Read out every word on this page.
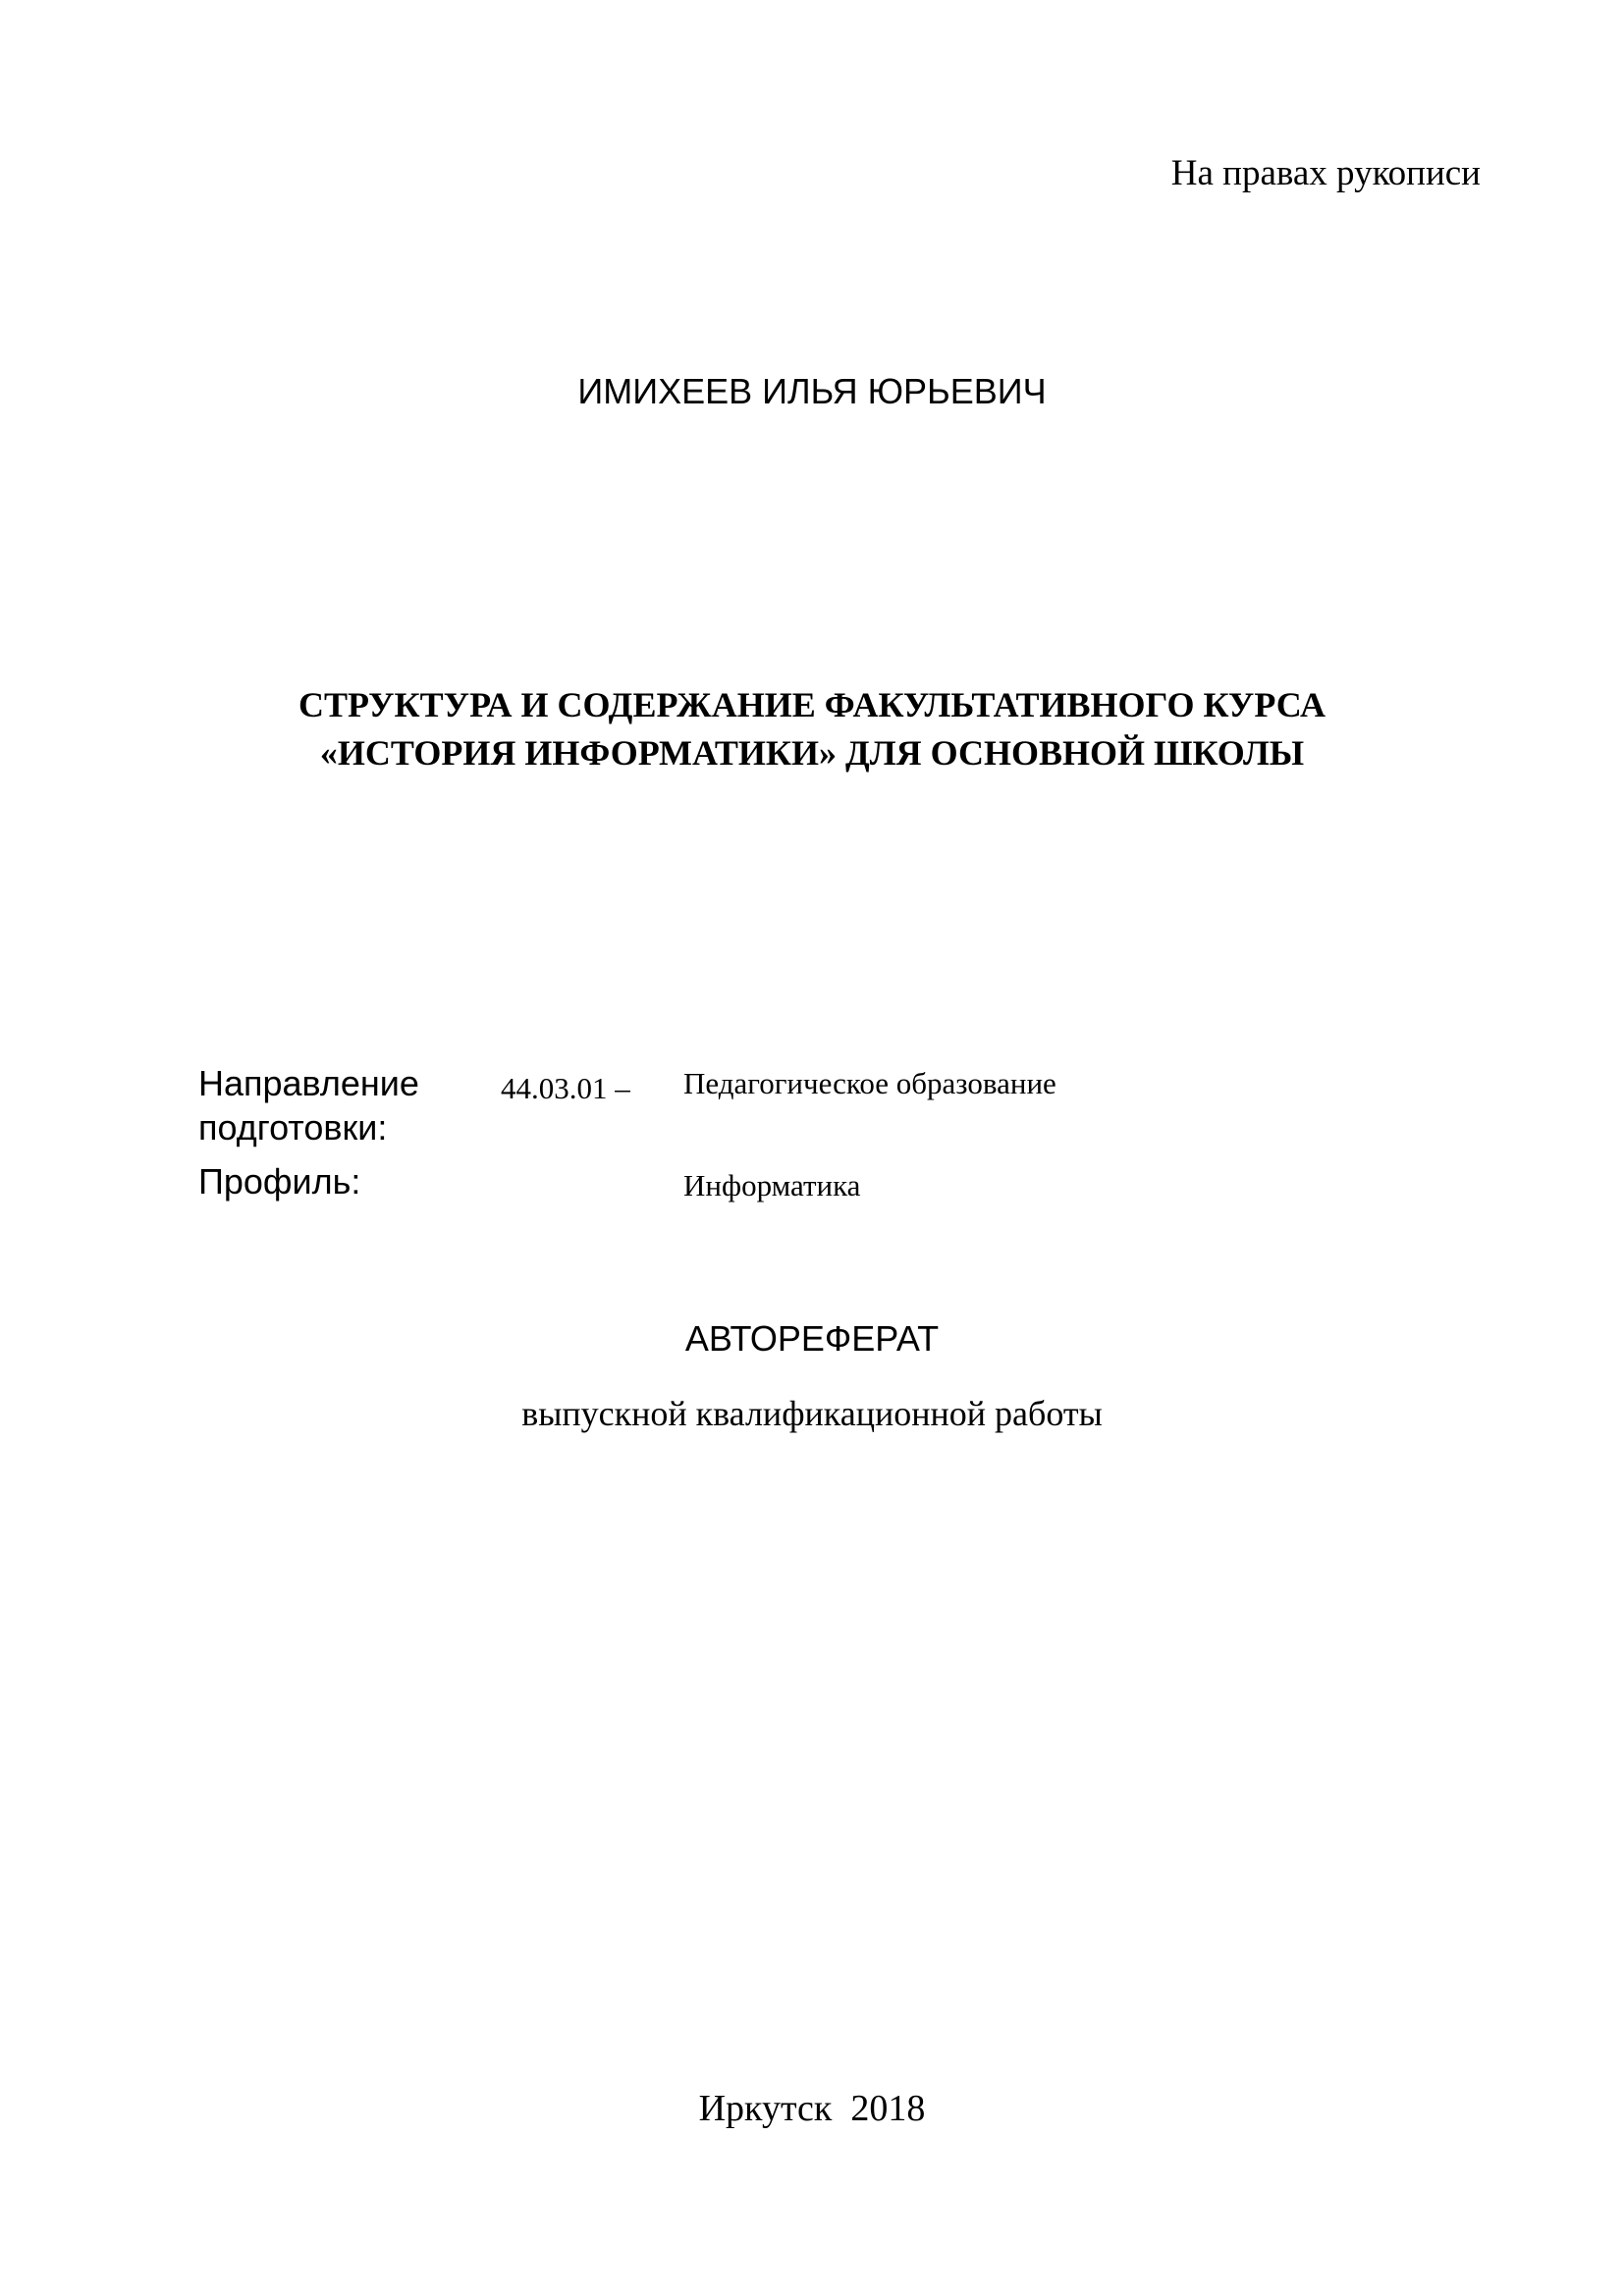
На правах рукописи
ИМИХЕЕВ ИЛЬЯ ЮРЬЕВИЧ
СТРУКТУРА И СОДЕРЖАНИЕ ФАКУЛЬТАТИВНОГО КУРСА
«ИСТОРИЯ ИНФОРМАТИКИ» ДЛЯ ОСНОВНОЙ ШКОЛЫ
Направление
подготовки:
44.03.01 – Педагогическое образование
Профиль:	Информатика
АВТОРЕФЕРАТ
выпускной квалификационной работы
Иркутск  2018
